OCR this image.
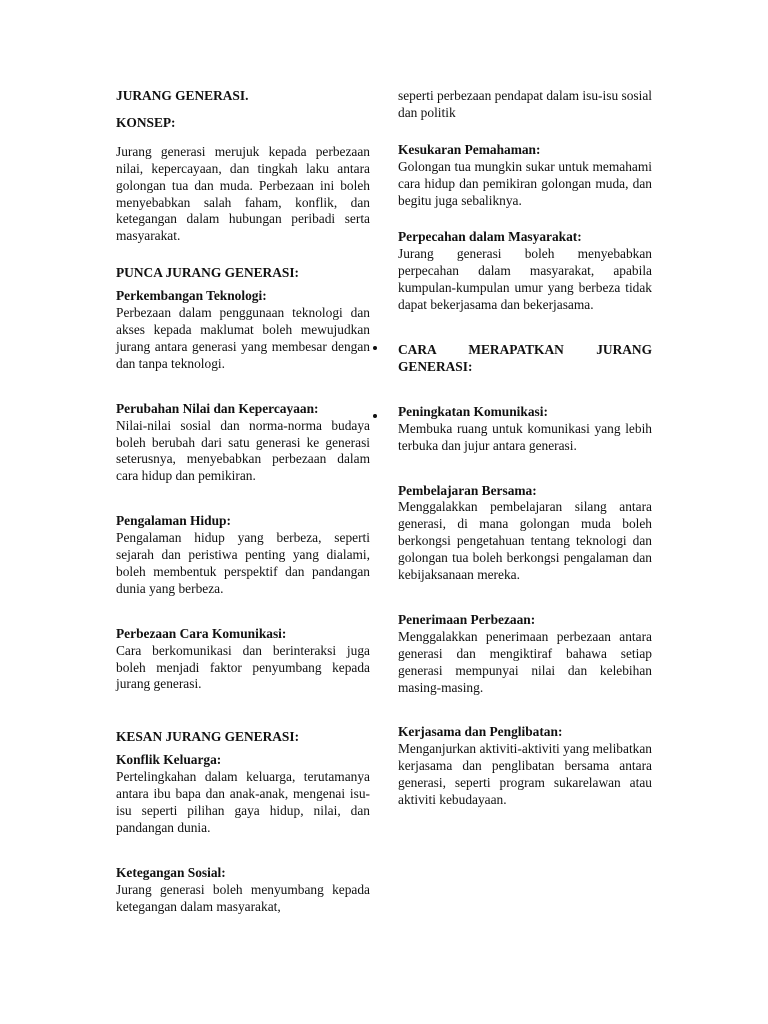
JURANG GENERASI.
KONSEP:

Jurang generasi merujuk kepada perbezaan nilai, kepercayaan, dan tingkah laku antara golongan tua dan muda. Perbezaan ini boleh menyebabkan salah faham, konflik, dan ketegangan dalam hubungan peribadi serta masyarakat.

PUNCA JURANG GENERASI:
Perkembangan Teknologi:

Perbezaan dalam penggunaan teknologi dan akses kepada maklumat boleh mewujudkan jurang antara generasi yang membesar dengan dan tanpa teknologi.

Perubahan Nilai dan Kepercayaan:

Nilai-nilai sosial dan norma-norma budaya boleh berubah dari satu generasi ke generasi seterusnya, menyebabkan perbezaan dalam cara hidup dan pemikiran.

Pengalaman Hidup:

Pengalaman hidup yang berbeza, seperti sejarah dan peristiwa penting yang dialami, boleh membentuk perspektif dan pandangan dunia yang berbeza.

Perbezaan Cara Komunikasi:

Cara berkomunikasi dan berinteraksi juga boleh menjadi faktor penyumbang kepada jurang generasi.

KESAN JURANG GENERASI:
Konflik Keluarga:

Pertelingkahan dalam keluarga, terutamanya antara ibu bapa dan anak-anak, mengenai isu-isu seperti pilihan gaya hidup, nilai, dan pandangan dunia.

Ketegangan Sosial:

Jurang generasi boleh menyumbang kepada ketegangan dalam masyarakat,

seperti perbezaan pendapat dalam isu-isu sosial dan politik

Kesukaran Pemahaman:

Golongan tua mungkin sukar untuk memahami cara hidup dan pemikiran golongan muda, dan begitu juga sebaliknya.

Perpecahan dalam Masyarakat:

Jurang generasi boleh menyebabkan perpecahan dalam masyarakat, apabila kumpulan-kumpulan umur yang berbeza tidak dapat bekerjasama dan bekerjasama.

CARA MERAPATKAN JURANG GENERASI:
Peningkatan Komunikasi:

Membuka ruang untuk komunikasi yang lebih terbuka dan jujur antara generasi.

Pembelajaran Bersama:

Menggalakkan pembelajaran silang antara generasi, di mana golongan muda boleh berkongsi pengetahuan tentang teknologi dan golongan tua boleh berkongsi pengalaman dan kebijaksanaan mereka.

Penerimaan Perbezaan:

Menggalakkan penerimaan perbezaan antara generasi dan mengiktiraf bahawa setiap generasi mempunyai nilai dan kelebihan masing-masing.

Kerjasama dan Penglibatan:

Menganjurkan aktiviti-aktiviti yang melibatkan kerjasama dan penglibatan bersama antara generasi, seperti program sukarelawan atau aktiviti kebudayaan.
